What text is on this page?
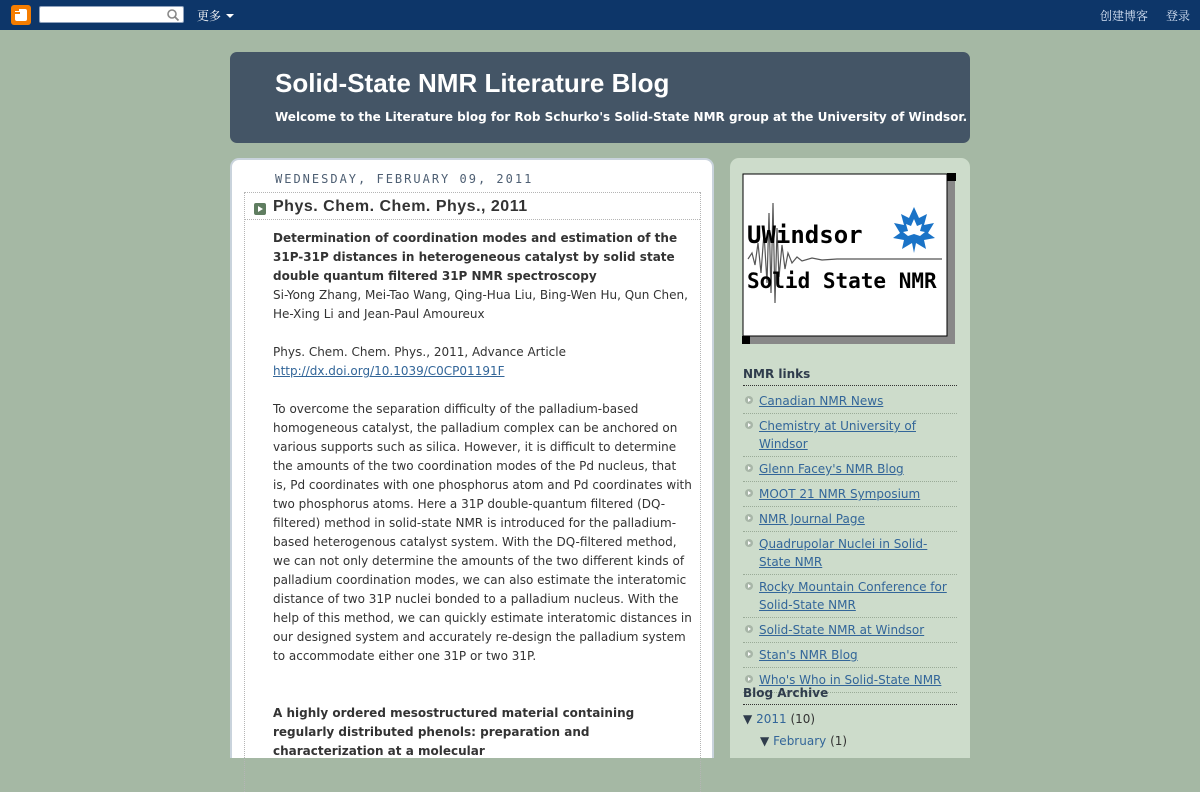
更多	创建博客 登录
Solid-State NMR Literature Blog
Welcome to the Literature blog for Rob Schurko's Solid-State NMR group at the University of Windsor.
WEDNESDAY, FEBRUARY 09, 2011
Phys. Chem. Chem. Phys., 2011

Determination of coordination modes and estimation of the 31P-31P distances in heterogeneous catalyst by solid state double quantum filtered 31P NMR spectroscopy

Si-Yong Zhang, Mei-Tao Wang, Qing-Hua Liu, Bing-Wen Hu, Qun Chen, He-Xing Li and Jean-Paul Amoureux

Phys. Chem. Chem. Phys., 2011, Advance Article

http://dx.doi.org/10.1039/C0CP01191F

To overcome the separation difficulty of the palladium-based homogeneous catalyst, the palladium complex can be anchored on various supports such as silica. However, it is difficult to determine the amounts of the two coordination modes of the Pd nucleus, that is, Pd coordinates with one phosphorus atom and Pd coordinates with two phosphorus atoms. Here a 31P double-quantum filtered (DQ-filtered) method in solid-state NMR is introduced for the palladium-based heterogenous catalyst system. With the DQ-filtered method, we can not only determine the amounts of the two different kinds of palladium coordination modes, we can also estimate the interatomic distance of two 31P nuclei bonded to a palladium nucleus. With the help of this method, we can quickly estimate interatomic distances in our designed system and accurately re-design the palladium system to accommodate either one 31P or two 31P.

A highly ordered mesostructured material containing regularly distributed phenols: preparation and characterization at a molecular

UWindsor
Solid State NMR
NMR links
Canadian NMR News
Chemistry at University of Windsor
Glenn Facey's NMR Blog
MOOT 21 NMR Symposium
NMR Journal Page
Quadrupolar Nuclei in Solid-State NMR
Rocky Mountain Conference for Solid-State NMR
Solid-State NMR at Windsor
Stan's NMR Blog
Who's Who in Solid-State NMR
Blog Archive
▼ 2011 (10)
▼ February (1)
